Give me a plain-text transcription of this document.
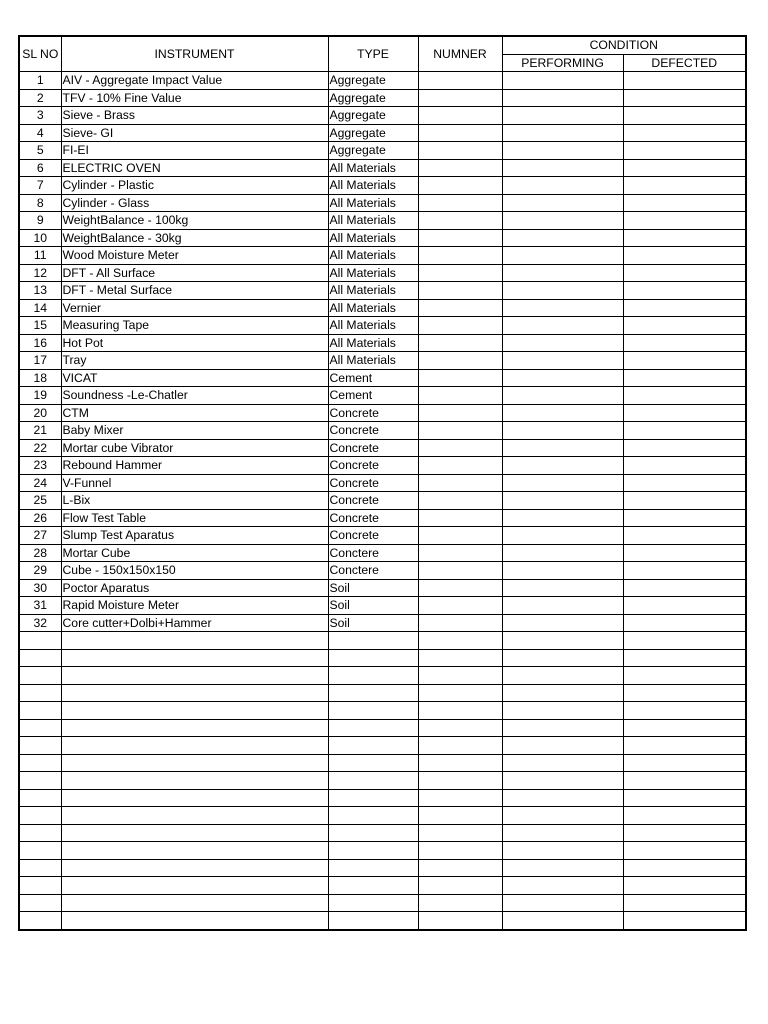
SL NO	INSTRUMENT	TYPE	NUMNER	CONDITION	
				PERFORMING	DEFECTED
1	AIV - Aggregate Impact Value	Aggregate			
2	TFV - 10% Fine Value	Aggregate			
3	Sieve - Brass	Aggregate			
4	Sieve- GI	Aggregate			
5	FI-EI	Aggregate			
6	ELECTRIC OVEN	All Materials			
7	Cylinder - Plastic	All Materials			
8	Cylinder - Glass	All Materials			
9	WeightBalance - 100kg	All Materials			
10	WeightBalance - 30kg	All Materials			
11	Wood Moisture Meter	All Materials			
12	DFT - All Surface	All Materials			
13	DFT - Metal Surface	All Materials			
14	Vernier	All Materials			
15	Measuring Tape	All Materials			
16	Hot Pot	All Materials			
17	Tray	All Materials			
18	VICAT	Cement			
19	Soundness -Le-Chatler	Cement			
20	CTM	Concrete			
21	Baby Mixer	Concrete			
22	Mortar cube Vibrator	Concrete			
23	Rebound Hammer	Concrete			
24	V-Funnel	Concrete			
25	L-Bix	Concrete			
26	Flow Test Table	Concrete			
27	Slump Test Aparatus	Concrete			
28	Mortar Cube	Conctere			
29	Cube - 150x150x150	Conctere			
30	Poctor Aparatus	Soil			
31	Rapid Moisture Meter	Soil			
32	Core cutter+Dolbi+Hammer	Soil			
